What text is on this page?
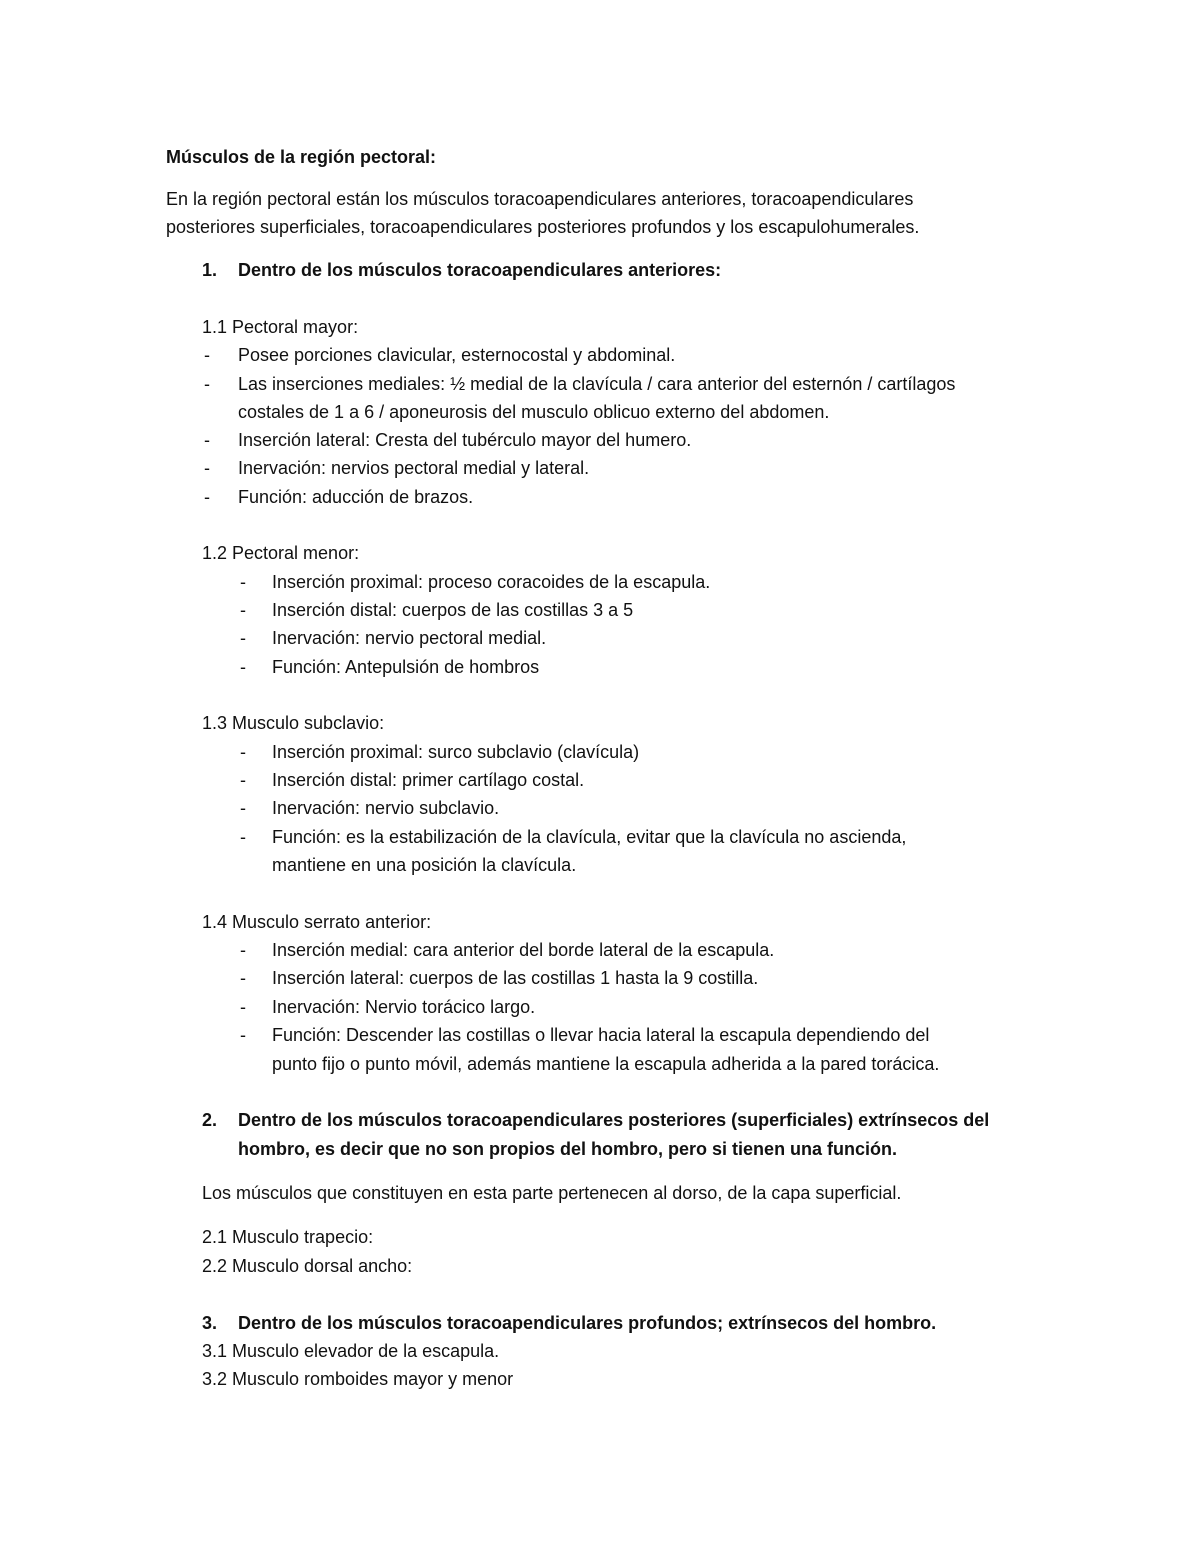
Músculos de la región pectoral:
En la región pectoral están los músculos toracoapendiculares anteriores, toracoapendiculares
posteriores superficiales, toracoapendiculares posteriores profundos y los escapulohumerales.
1. Dentro de los músculos toracoapendiculares anteriores:
1.1 Pectoral mayor:
- Posee porciones clavicular, esternocostal y abdominal.
- Las inserciones mediales: ½ medial de la clavícula / cara anterior del esternón / cartílagos
costales de 1 a 6 / aponeurosis del musculo oblicuo externo del abdomen.
- Inserción lateral: Cresta del tubérculo mayor del humero.
- Inervación: nervios pectoral medial y lateral.
- Función: aducción de brazos.
1.2 Pectoral menor:
- Inserción proximal: proceso coracoides de la escapula.
- Inserción distal: cuerpos de las costillas 3 a 5
- Inervación: nervio pectoral medial.
- Función: Antepulsión de hombros
1.3 Musculo subclavio:
- Inserción proximal: surco subclavio (clavícula)
- Inserción distal: primer cartílago costal.
- Inervación: nervio subclavio.
- Función: es la estabilización de la clavícula, evitar que la clavícula no ascienda,
mantiene en una posición la clavícula.
1.4 Musculo serrato anterior:
- Inserción medial: cara anterior del borde lateral de la escapula.
- Inserción lateral: cuerpos de las costillas 1 hasta la 9 costilla.
- Inervación: Nervio torácico largo.
- Función: Descender las costillas o llevar hacia lateral la escapula dependiendo del
punto fijo o punto móvil, además mantiene la escapula adherida a la pared torácica.
2. Dentro de los músculos toracoapendiculares posteriores (superficiales) extrínsecos del
hombro, es decir que no son propios del hombro, pero si tienen una función.
Los músculos que constituyen en esta parte pertenecen al dorso, de la capa superficial.
2.1 Musculo trapecio:
2.2 Musculo dorsal ancho:
3. Dentro de los músculos toracoapendiculares profundos; extrínsecos del hombro.
3.1 Musculo elevador de la escapula.
3.2 Musculo romboides mayor y menor
